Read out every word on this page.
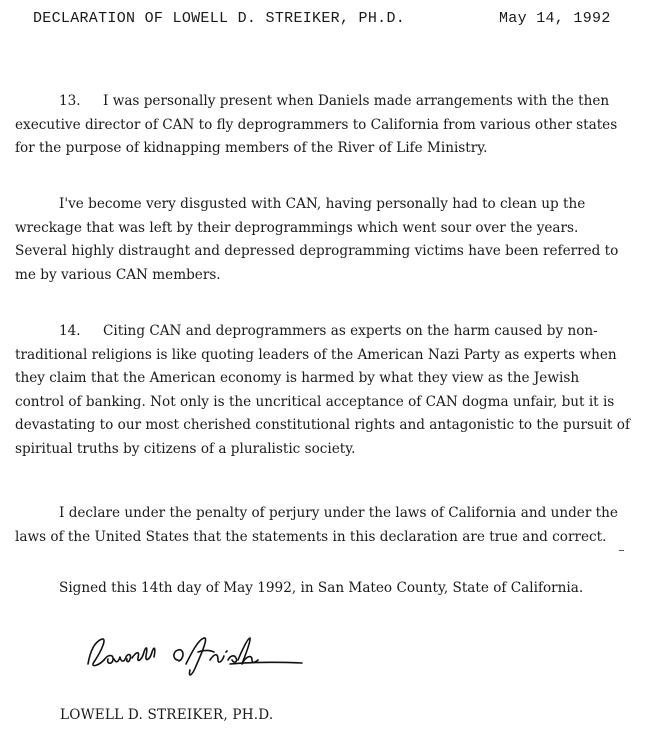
DECLARATION OF LOWELL D. STREIKER, PH.D.	May 14, 1992
13. I was personally present when Daniels made arrangements with the then executive director of CAN to fly deprogrammers to California from various other states for the purpose of kidnapping members of the River of Life Ministry.
I've become very disgusted with CAN, having personally had to clean up the wreckage that was left by their deprogrammings which went sour over the years. Several highly distraught and depressed deprogramming victims have been referred to me by various CAN members.
14. Citing CAN and deprogrammers as experts on the harm caused by non-traditional religions is like quoting leaders of the American Nazi Party as experts when they claim that the American economy is harmed by what they view as the Jewish control of banking. Not only is the uncritical acceptance of CAN dogma unfair, but it is devastating to our most cherished constitutional rights and antagonistic to the pursuit of spiritual truths by citizens of a pluralistic society.
I declare under the penalty of perjury under the laws of California and under the laws of the United States that the statements in this declaration are true and correct.
Signed this 14th day of May 1992, in San Mateo County, State of California.
LOWELL D. STREIKER, PH.D.
